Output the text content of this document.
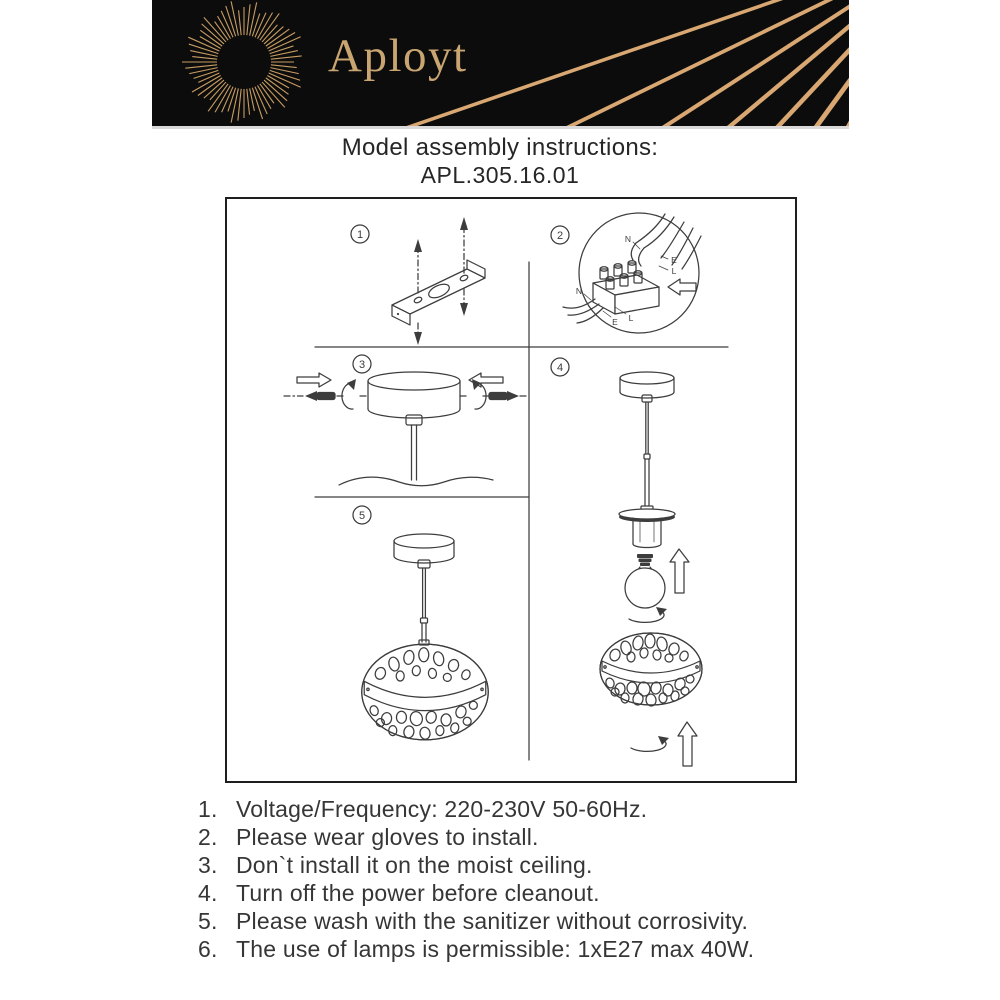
Aployt
Model assembly instructions:
APL.305.16.01
1	2	N
E
L
N
E L
3	4
5
1. Voltage/Frequency: 220-230V 50-60Hz.
2. Please wear gloves to install.
3. Don`t install it on the moist ceiling.
4. Turn off the power before cleanout.
5. Please wash with the sanitizer without corrosivity.
6. The use of lamps is permissible: 1xE27 max 40W.
